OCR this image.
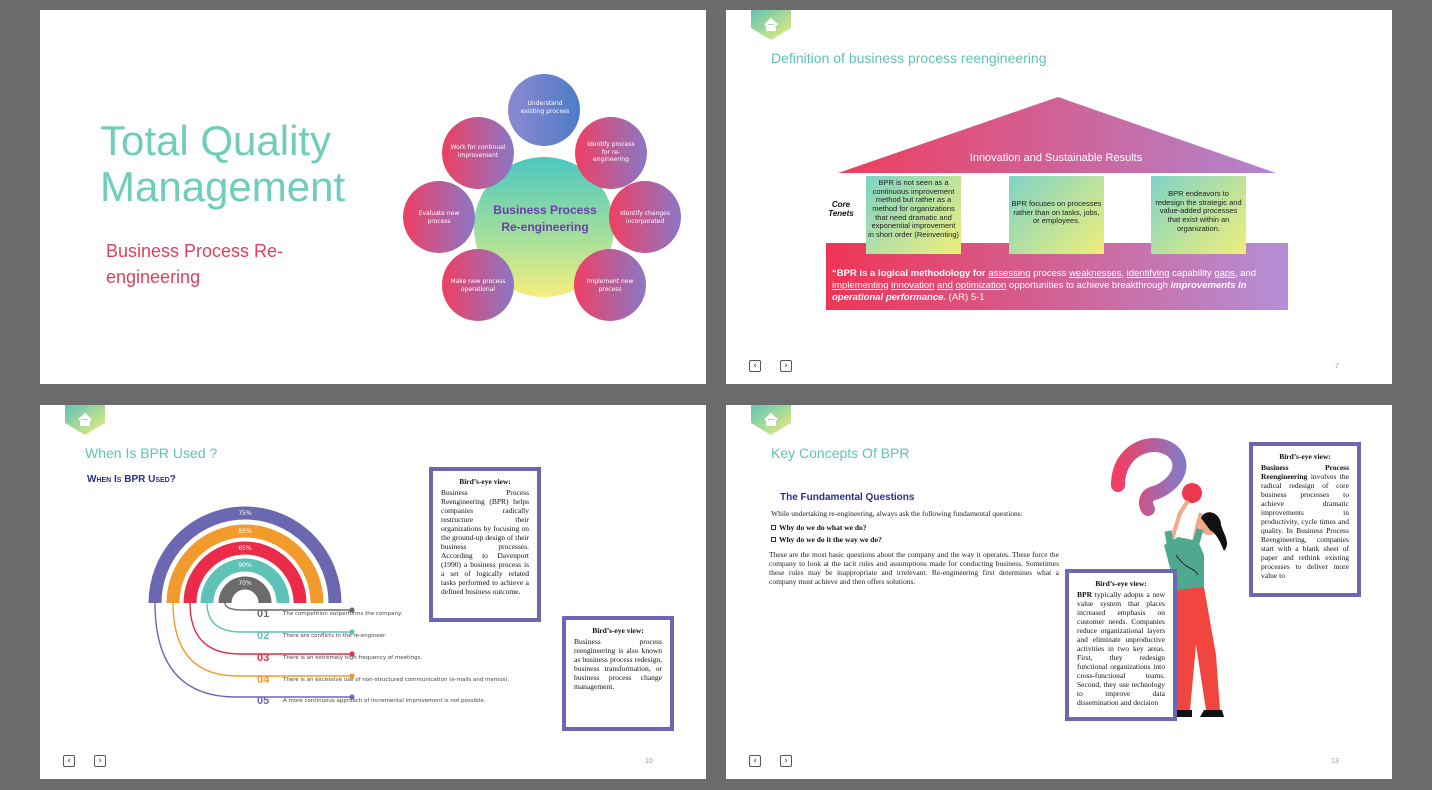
Total Quality Management
Business Process Re-engineering
Business Process Re-engineering
Understand existing process
Identify process for re-engineering
Identify changes incorporated
Implement new process
Make new process operational
Evaluate new process
Work for continual improvement
Definition of business process reengineering
Innovation and Sustainable Results
Core Tenets
BPR is not seen as a continuous improvement method but rather as a method for organizations that need dramatic and exponential improvement in short order (Reinventing)
BPR focuses on processes rather than on tasks, jobs, or employees.
BPR endeavors to redesign the strategic and value-added processes that exist within an organization.
“BPR is a logical methodology for assessing process weaknesses, identifying capability gaps, and implementing innovation and optimization opportunities to achieve breakthrough improvements in operational performance. (AR) 5-1
‹	›	7
When Is BPR Used ?
When Is BPR Used?
75%
85%
65%
90%
70%
01	The competition outperforms the company.
02	There are conflicts in the re-engineer.
03	There is an extremely high frequency of meetings.
04	There is an excessive use of non-structured communication (e-mails and memos).
05	A more continuous approach of incremental improvement is not possible.
Bird’s-eye view:
Business Process Reengineering (BPR) helps companies radically restructure their organizations by focusing on the ground-up design of their business processes. According to Davenport (1990) a business process is a set of logically related tasks performed to achieve a defined business outcome.
Bird’s-eye view:
Business process reengineering is also known as business process redesign, business transformation, or business process change management.
‹	›	10
Key Concepts Of BPR
The Fundamental Questions
While undertaking re-engineering, always ask the following fundamental questions:
Why do we do what we do?
Why do we do it the way we do?
These are the most basic questions about the company and the way it operates. These force the company to look at the tacit rules and assumptions made for conducting business. Sometimes these rules may be inappropriate and irrelevant. Re-engineering first determines what a company must achieve and then offers solutions.
Bird’s-eye view:
Business Process Reengineering involves the radical redesign of core business processes to achieve dramatic improvements in productivity, cycle times and quality. In Business Process Reengineering, companies start with a blank sheet of paper and rethink existing processes to deliver more value to
Bird’s-eye view:
BPR typically adopts a new value system that places increased emphasis on customer needs. Companies reduce organizational layers and eliminate unproductive activities in two key areas. First, they redesign functional organizations into cross-functional teams. Second, they use technology to improve data dissemination and decision
‹	›	13
